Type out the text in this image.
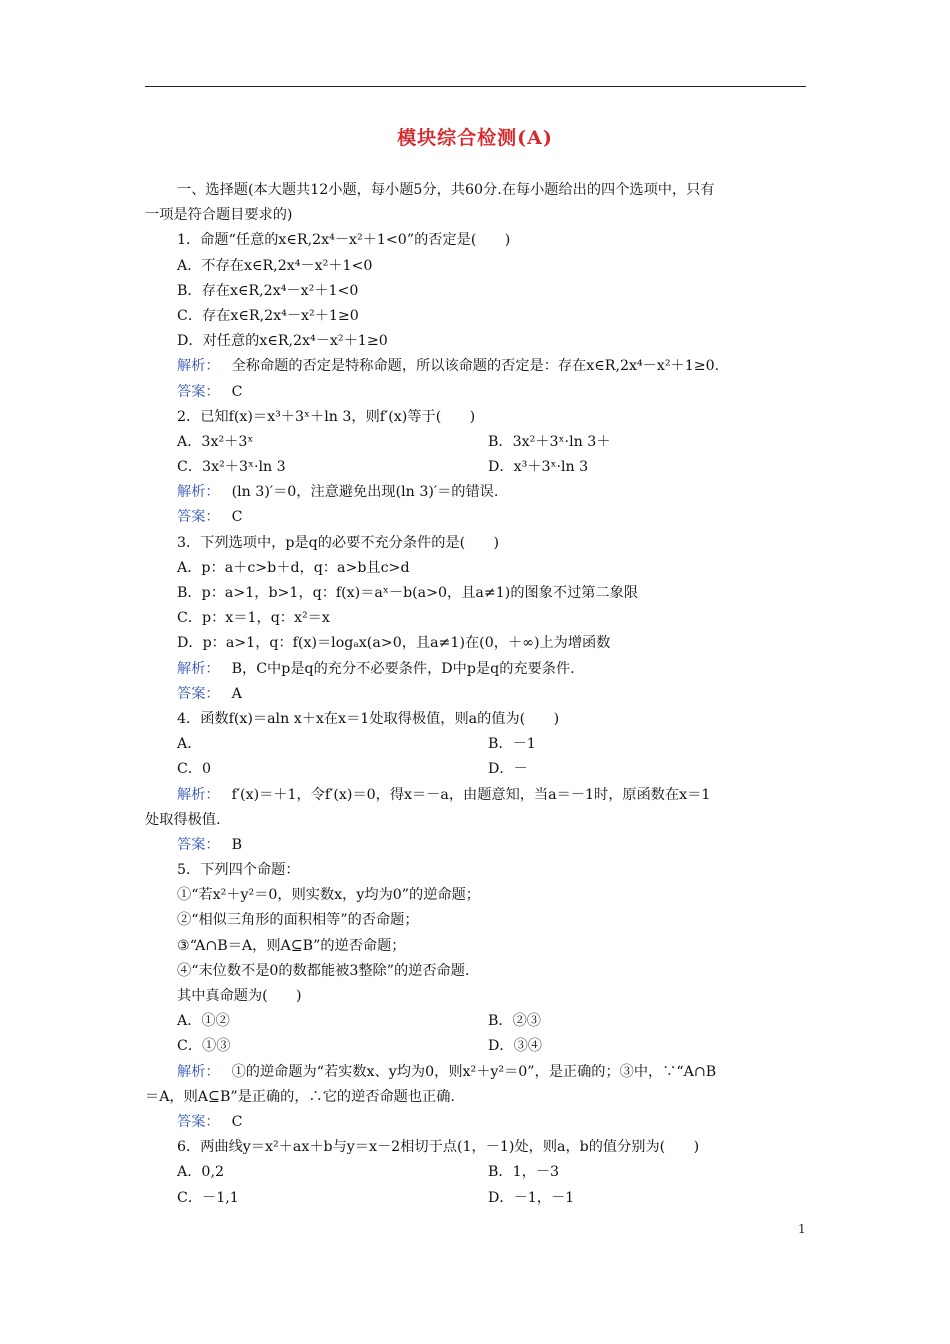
模块综合检测(A)
一、选择题(本大题共12小题，每小题5分，共60分.在每小题给出的四个选项中，只有
一项是符合题目要求的)
1．命题“任意的x∈R,2x⁴－x²＋1<0”的否定是(　　)
A．不存在x∈R,2x⁴－x²＋1<0
B．存在x∈R,2x⁴－x²＋1<0
C．存在x∈R,2x⁴－x²＋1≥0
D．对任意的x∈R,2x⁴－x²＋1≥0
解析： 全称命题的否定是特称命题，所以该命题的否定是：存在x∈R,2x⁴－x²＋1≥0.
答案： C
2．已知f(x)＝x³＋3ˣ＋ln 3，则f′(x)等于(　　)
A．3x²＋3ˣ	B．3x²＋3ˣ·ln 3＋
C．3x²＋3ˣ·ln 3	D．x³＋3ˣ·ln 3
解析： (ln 3)′＝0，注意避免出现(ln 3)′＝的错误.
答案： C
3．下列选项中，p是q的必要不充分条件的是(　　)
A．p：a＋c>b＋d，q：a>b且c>d
B．p：a>1，b>1，q：f(x)＝aˣ－b(a>0，且a≠1)的图象不过第二象限
C．p：x＝1，q：x²＝x
D．p：a>1，q：f(x)＝logₐx(a>0，且a≠1)在(0，＋∞)上为增函数
解析： B，C中p是q的充分不必要条件，D中p是q的充要条件.
答案： A
4．函数f(x)＝aln x＋x在x＝1处取得极值，则a的值为(　　)
A．	B．－1
C．0	D．－
解析： f′(x)＝＋1，令f′(x)＝0，得x＝－a，由题意知，当a＝－1时，原函数在x＝1
处取得极值.
答案： B
5．下列四个命题：
①“若x²＋y²＝0，则实数x，y均为0”的逆命题；
②“相似三角形的面积相等”的否命题；
③“A∩B＝A，则A⊆B”的逆否命题；
④“末位数不是0的数都能被3整除”的逆否命题.
其中真命题为(　　)
A．①②	B．②③
C．①③	D．③④
解析： ①的逆命题为“若实数x、y均为0，则x²＋y²＝0”，是正确的；③中，∵“A∩B
＝A，则A⊆B”是正确的，∴它的逆否命题也正确.
答案： C
6．两曲线y＝x²＋ax＋b与y＝x－2相切于点(1，－1)处，则a，b的值分别为(　　)
A．0,2	B．1，－3
C．－1,1	D．－1，－1
1
